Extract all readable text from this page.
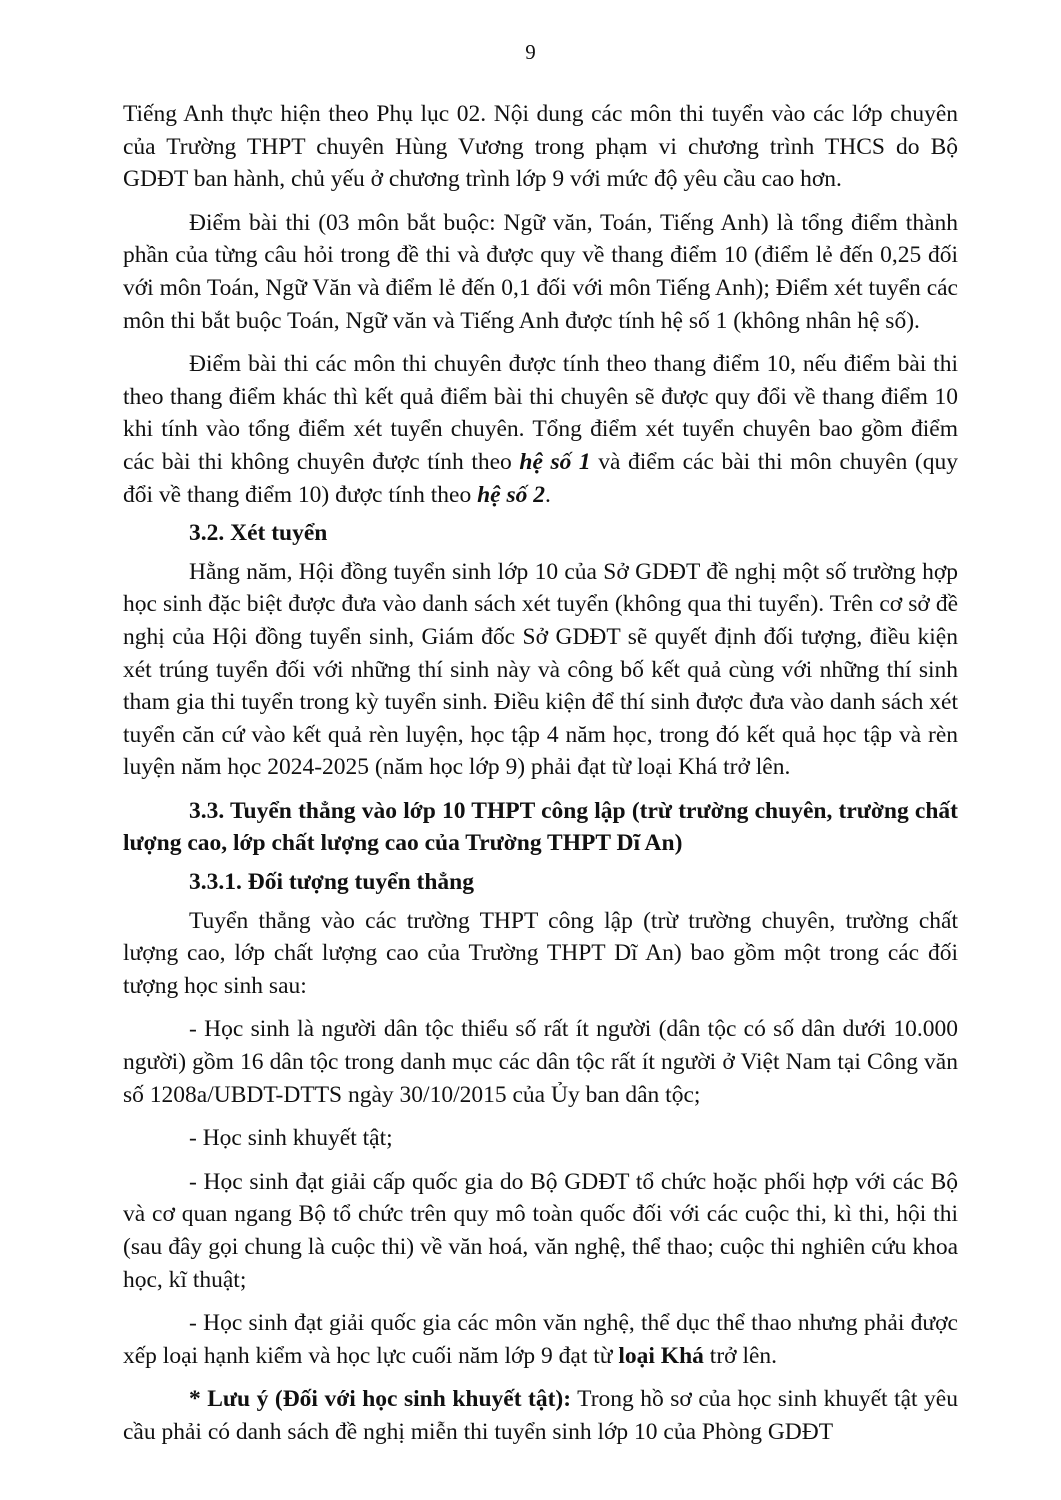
9

Tiếng Anh thực hiện theo Phụ lục 02. Nội dung các môn thi tuyển vào các lớp chuyên của Trường THPT chuyên Hùng Vương trong phạm vi chương trình THCS do Bộ GDĐT ban hành, chủ yếu ở chương trình lớp 9 với mức độ yêu cầu cao hơn.

Điểm bài thi (03 môn bắt buộc: Ngữ văn, Toán, Tiếng Anh) là tổng điểm thành phần của từng câu hỏi trong đề thi và được quy về thang điểm 10 (điểm lẻ đến 0,25 đối với môn Toán, Ngữ Văn và điểm lẻ đến 0,1 đối với môn Tiếng Anh); Điểm xét tuyển các môn thi bắt buộc Toán, Ngữ văn và Tiếng Anh được tính hệ số 1 (không nhân hệ số).

Điểm bài thi các môn thi chuyên được tính theo thang điểm 10, nếu điểm bài thi theo thang điểm khác thì kết quả điểm bài thi chuyên sẽ được quy đổi về thang điểm 10 khi tính vào tổng điểm xét tuyển chuyên. Tổng điểm xét tuyển chuyên bao gồm điểm các bài thi không chuyên được tính theo hệ số 1 và điểm các bài thi môn chuyên (quy đổi về thang điểm 10) được tính theo hệ số 2.

3.2. Xét tuyển

Hằng năm, Hội đồng tuyển sinh lớp 10 của Sở GDĐT đề nghị một số trường hợp học sinh đặc biệt được đưa vào danh sách xét tuyển (không qua thi tuyển). Trên cơ sở đề nghị của Hội đồng tuyển sinh, Giám đốc Sở GDĐT sẽ quyết định đối tượng, điều kiện xét trúng tuyển đối với những thí sinh này và công bố kết quả cùng với những thí sinh tham gia thi tuyển trong kỳ tuyển sinh. Điều kiện để thí sinh được đưa vào danh sách xét tuyển căn cứ vào kết quả rèn luyện, học tập 4 năm học, trong đó kết quả học tập và rèn luyện năm học 2024-2025 (năm học lớp 9) phải đạt từ loại Khá trở lên.

3.3. Tuyển thẳng vào lớp 10 THPT công lập (trừ trường chuyên, trường chất lượng cao, lớp chất lượng cao của Trường THPT Dĩ An)

3.3.1. Đối tượng tuyển thẳng

Tuyển thẳng vào các trường THPT công lập (trừ trường chuyên, trường chất lượng cao, lớp chất lượng cao của Trường THPT Dĩ An) bao gồm một trong các đối tượng học sinh sau:

- Học sinh là người dân tộc thiểu số rất ít người (dân tộc có số dân dưới 10.000 người) gồm 16 dân tộc trong danh mục các dân tộc rất ít người ở Việt Nam tại Công văn số 1208a/UBDT-DTTS ngày 30/10/2015 của Ủy ban dân tộc;

- Học sinh khuyết tật;

- Học sinh đạt giải cấp quốc gia do Bộ GDĐT tổ chức hoặc phối hợp với các Bộ và cơ quan ngang Bộ tổ chức trên quy mô toàn quốc đối với các cuộc thi, kì thi, hội thi (sau đây gọi chung là cuộc thi) về văn hoá, văn nghệ, thể thao; cuộc thi nghiên cứu khoa học, kĩ thuật;

- Học sinh đạt giải quốc gia các môn văn nghệ, thể dục thể thao nhưng phải được xếp loại hạnh kiểm và học lực cuối năm lớp 9 đạt từ loại Khá trở lên.

* Lưu ý (Đối với học sinh khuyết tật): Trong hồ sơ của học sinh khuyết tật yêu cầu phải có danh sách đề nghị miễn thi tuyển sinh lớp 10 của Phòng GDĐT
